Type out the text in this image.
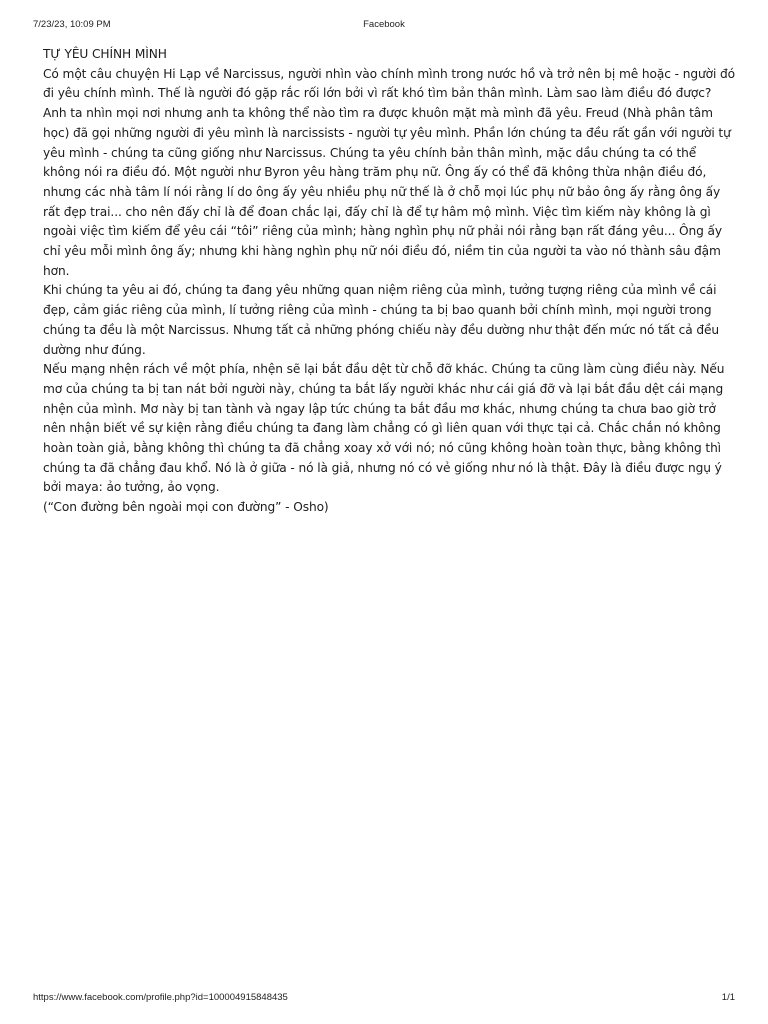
7/23/23, 10:09 PM	Facebook

TỰ YÊU CHÍNH MÌNH

Có một câu chuyện Hi Lạp về Narcissus, người nhìn vào chính mình trong nước hồ và trở nên bị mê hoặc - người đó đi yêu chính mình. Thế là người đó gặp rắc rối lớn bởi vì rất khó tìm bản thân mình. Làm sao làm điều đó được? Anh ta nhìn mọi nơi nhưng anh ta không thể nào tìm ra được khuôn mặt mà mình đã yêu. Freud (Nhà phân tâm học) đã gọi những người đi yêu mình là narcissists - người tự yêu mình. Phần lớn chúng ta đều rất gần với người tự yêu mình - chúng ta cũng giống như Narcissus. Chúng ta yêu chính bản thân mình, mặc dầu chúng ta có thể không nói ra điều đó. Một người như Byron yêu hàng trăm phụ nữ. Ông ấy có thể đã không thừa nhận điều đó, nhưng các nhà tâm lí nói rằng lí do ông ấy yêu nhiều phụ nữ thế là ở chỗ mọi lúc phụ nữ bảo ông ấy rằng ông ấy rất đẹp trai... cho nên đấy chỉ là để đoan chắc lại, đấy chỉ là để tự hâm mộ mình. Việc tìm kiếm này không là gì ngoài việc tìm kiếm để yêu cái “tôi” riêng của mình; hàng nghìn phụ nữ phải nói rằng bạn rất đáng yêu... Ông ấy chỉ yêu mỗi mình ông ấy; nhưng khi hàng nghìn phụ nữ nói điều đó, niềm tin của người ta vào nó thành sâu đậm hơn.

Khi chúng ta yêu ai đó, chúng ta đang yêu những quan niệm riêng của mình, tưởng tượng riêng của mình về cái đẹp, cảm giác riêng của mình, lí tưởng riêng của mình - chúng ta bị bao quanh bởi chính mình, mọi người trong chúng ta đều là một Narcissus. Nhưng tất cả những phóng chiếu này đều dường như thật đến mức nó tất cả đều dường như đúng.

Nếu mạng nhện rách về một phía, nhện sẽ lại bắt đầu dệt từ chỗ đỡ khác. Chúng ta cũng làm cùng điều này. Nếu mơ của chúng ta bị tan nát bởi người này, chúng ta bắt lấy người khác như cái giá đỡ và lại bắt đầu dệt cái mạng nhện của mình. Mơ này bị tan tành và ngay lập tức chúng ta bắt đầu mơ khác, nhưng chúng ta chưa bao giờ trở nên nhận biết về sự kiện rằng điều chúng ta đang làm chẳng có gì liên quan với thực tại cả. Chắc chắn nó không hoàn toàn giả, bằng không thì chúng ta đã chẳng xoay xở với nó; nó cũng không hoàn toàn thực, bằng không thì chúng ta đã chẳng đau khổ. Nó là ở giữa - nó là giả, nhưng nó có vẻ giống như nó là thật. Đây là điều được ngụ ý bởi maya: ảo tưởng, ảo vọng.

(“Con đường bên ngoài mọi con đường” - Osho)

https://www.facebook.com/profile.php?id=100004915848435	1/1
